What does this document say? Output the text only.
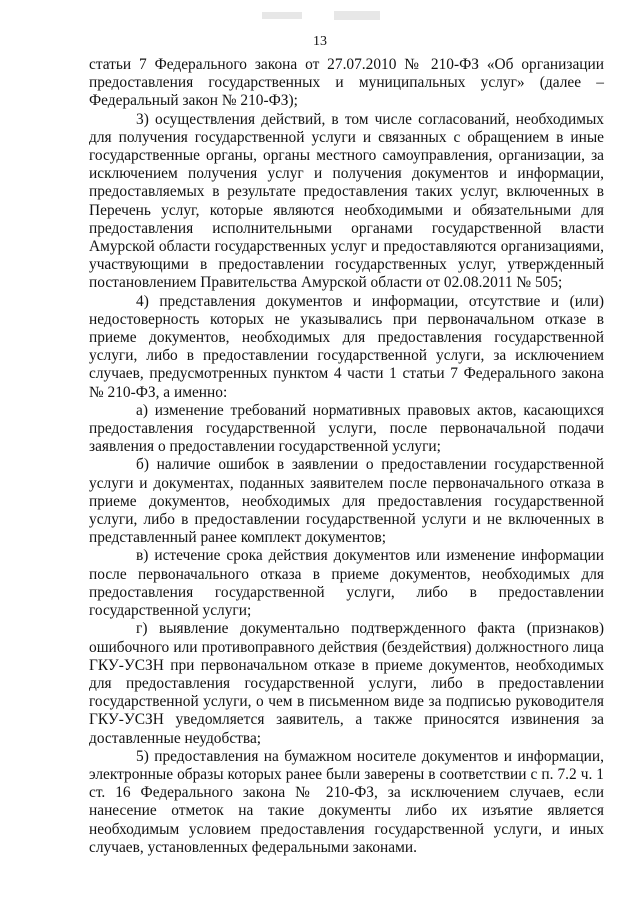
13

статьи 7 Федерального закона от 27.07.2010 № 210-ФЗ «Об организации предоставления государственных и муниципальных услуг» (далее – Федеральный закон № 210-ФЗ);

3) осуществления действий, в том числе согласований, необходимых для получения государственной услуги и связанных с обращением в иные государственные органы, органы местного самоуправления, организации, за исключением получения услуг и получения документов и информации, предоставляемых в результате предоставления таких услуг, включенных в Перечень услуг, которые являются необходимыми и обязательными для предоставления исполнительными органами государственной власти Амурской области государственных услуг и предоставляются организациями, участвующими в предоставлении государственных услуг, утвержденный постановлением Правительства Амурской области от 02.08.2011 № 505;

4) представления документов и информации, отсутствие и (или) недостоверность которых не указывались при первоначальном отказе в приеме документов, необходимых для предоставления государственной услуги, либо в предоставлении государственной услуги, за исключением случаев, предусмотренных пунктом 4 части 1 статьи 7 Федерального закона № 210-ФЗ, а именно:

а) изменение требований нормативных правовых актов, касающихся предоставления государственной услуги, после первоначальной подачи заявления о предоставлении государственной услуги;

б) наличие ошибок в заявлении о предоставлении государственной услуги и документах, поданных заявителем после первоначального отказа в приеме документов, необходимых для предоставления государственной услуги, либо в предоставлении государственной услуги и не включенных в представленный ранее комплект документов;

в) истечение срока действия документов или изменение информации после первоначального отказа в приеме документов, необходимых для предоставления государственной услуги, либо в предоставлении государственной услуги;

г) выявление документально подтвержденного факта (признаков) ошибочного или противоправного действия (бездействия) должностного лица ГКУ-УСЗН при первоначальном отказе в приеме документов, необходимых для предоставления государственной услуги, либо в предоставлении государственной услуги, о чем в письменном виде за подписью руководителя ГКУ-УСЗН уведомляется заявитель, а также приносятся извинения за доставленные неудобства;

5) предоставления на бумажном носителе документов и информации, электронные образы которых ранее были заверены в соответствии с п. 7.2 ч. 1 ст. 16 Федерального закона № 210-ФЗ, за исключением случаев, если нанесение отметок на такие документы либо их изъятие является необходимым условием предоставления государственной услуги, и иных случаев, установленных федеральными законами.
